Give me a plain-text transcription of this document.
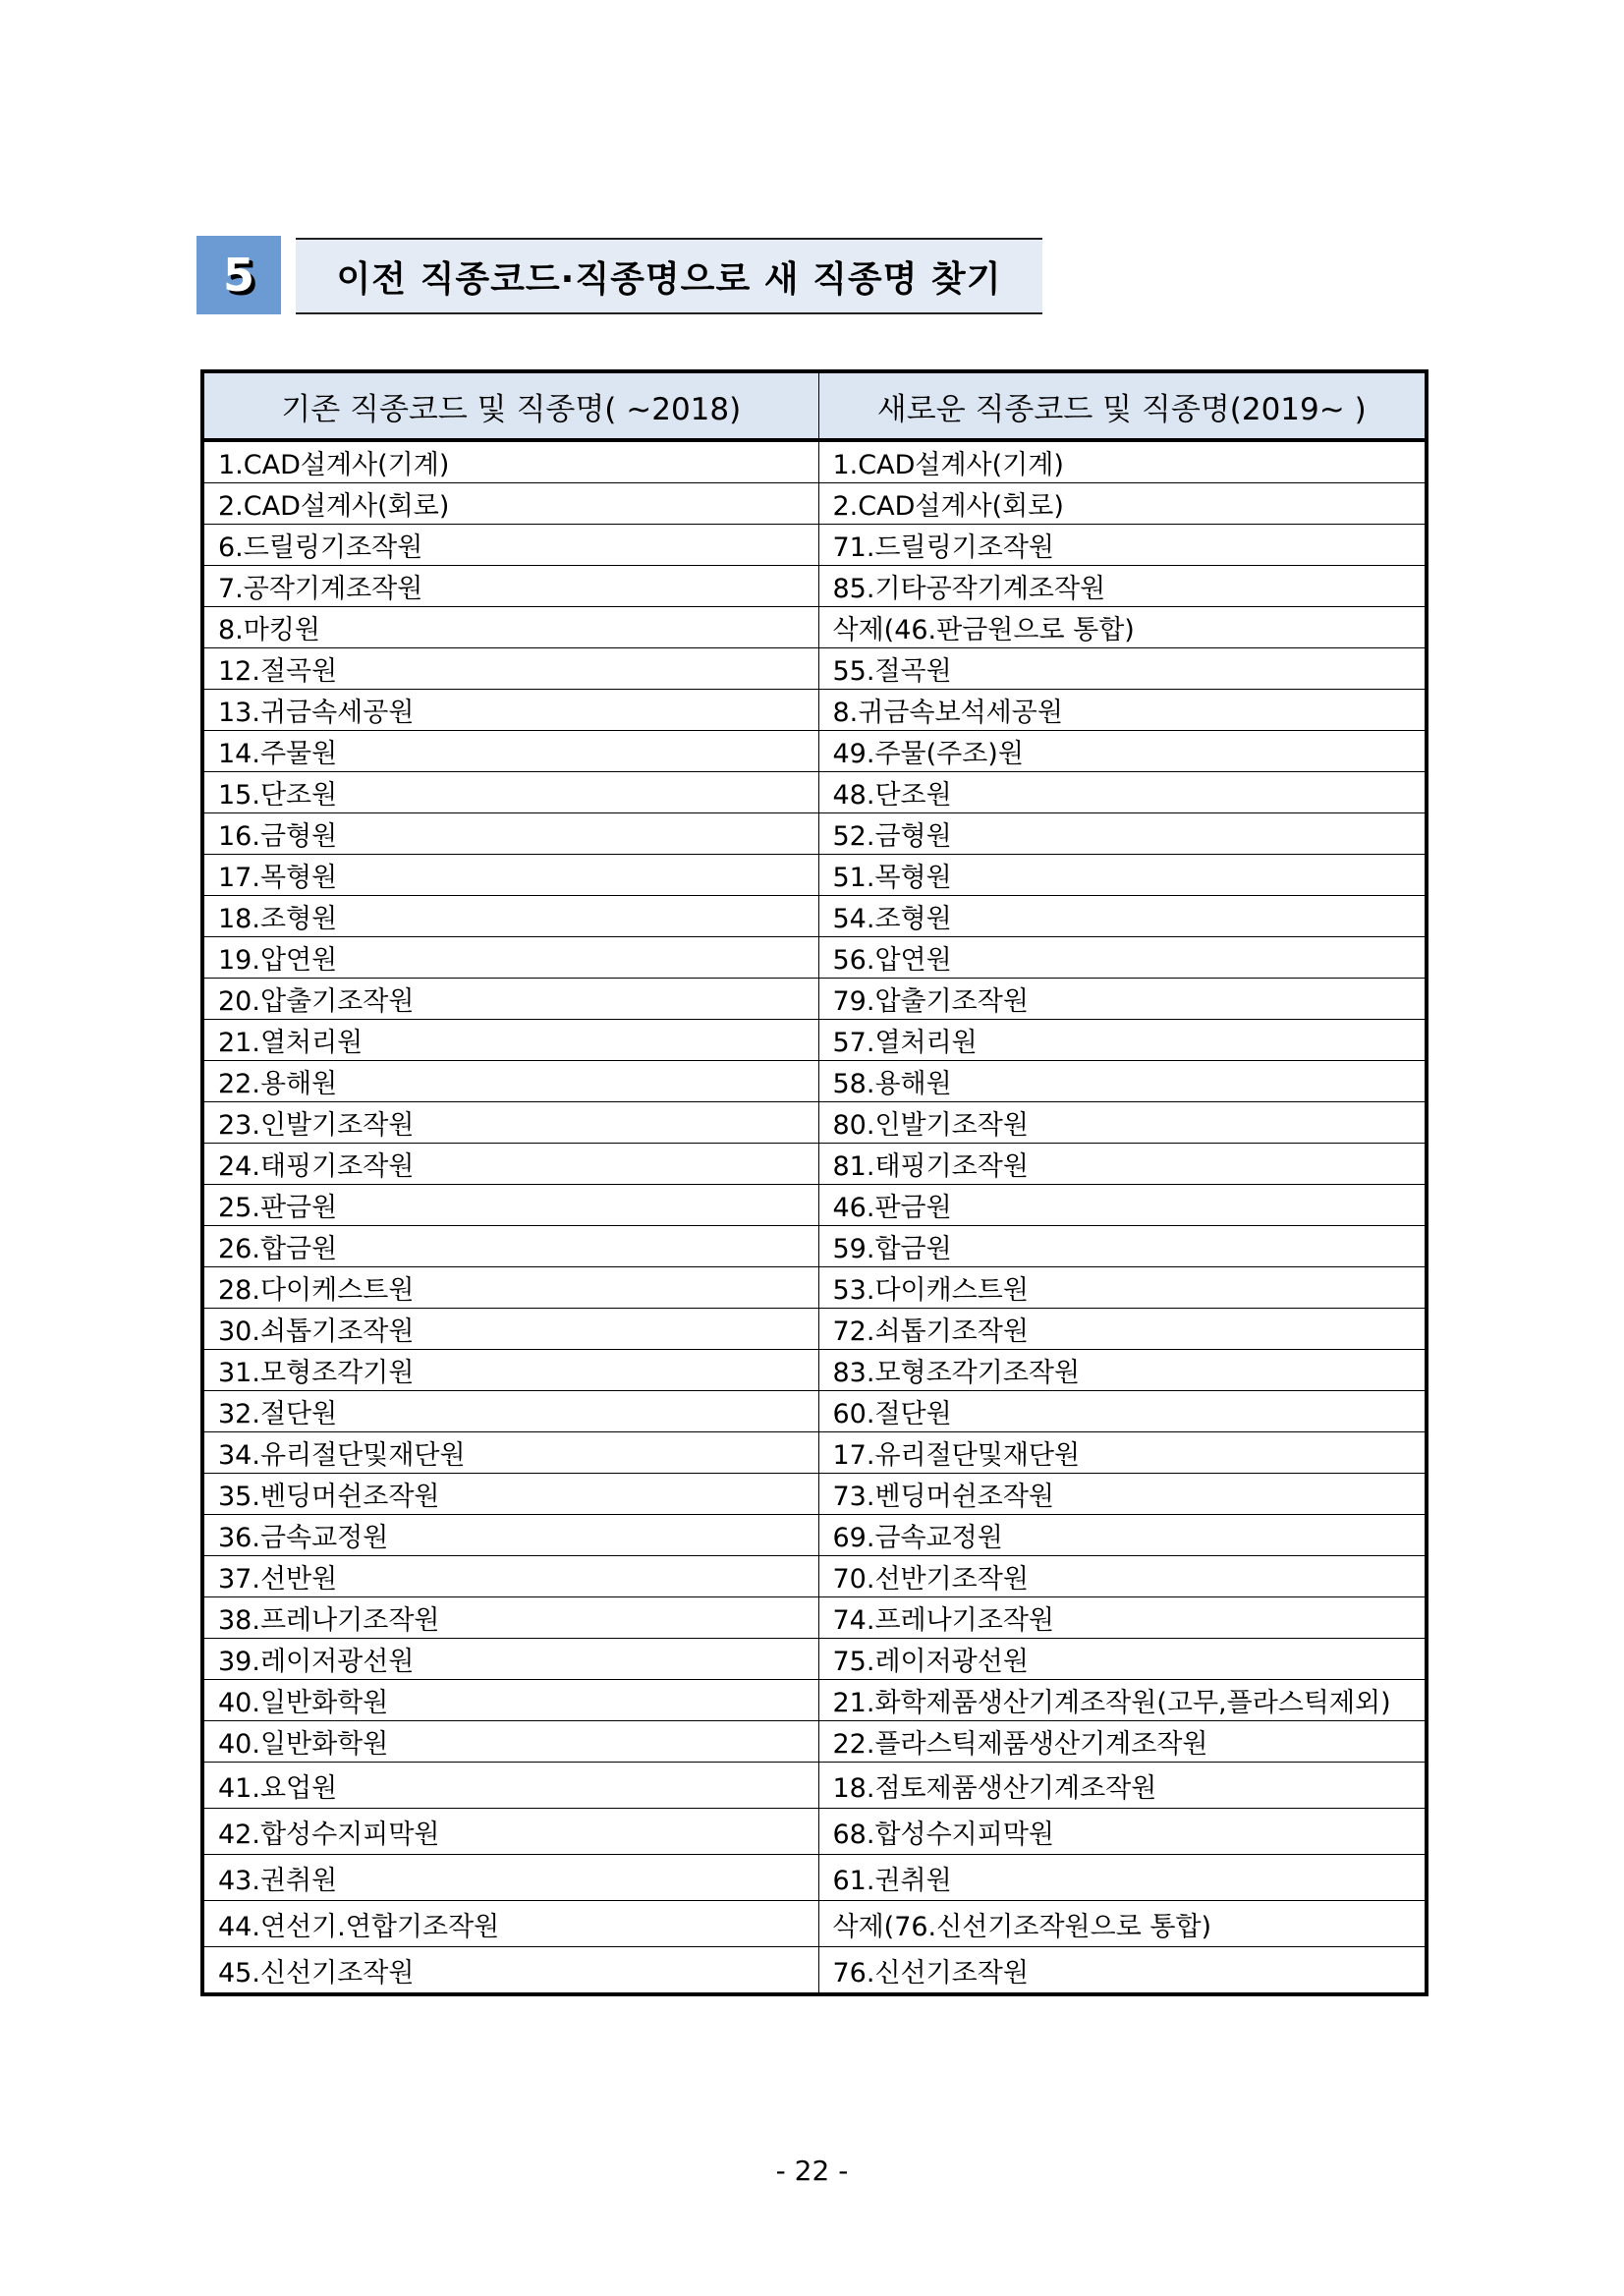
5 이전 직종코드·직종명으로 새 직종명 찾기
기존 직종코드 및 직종명( ~2018)	새로운 직종코드 및 직종명(2019~ )
1.CAD설계사(기계)	1.CAD설계사(기계)
2.CAD설계사(회로)	2.CAD설계사(회로)
6.드릴링기조작원	71.드릴링기조작원
7.공작기계조작원	85.기타공작기계조작원
8.마킹원	삭제(46.판금원으로 통합)
12.절곡원	55.절곡원
13.귀금속세공원	8.귀금속보석세공원
14.주물원	49.주물(주조)원
15.단조원	48.단조원
16.금형원	52.금형원
17.목형원	51.목형원
18.조형원	54.조형원
19.압연원	56.압연원
20.압출기조작원	79.압출기조작원
21.열처리원	57.열처리원
22.용해원	58.용해원
23.인발기조작원	80.인발기조작원
24.태핑기조작원	81.태핑기조작원
25.판금원	46.판금원
26.합금원	59.합금원
28.다이케스트원	53.다이캐스트원
30.쇠톱기조작원	72.쇠톱기조작원
31.모형조각기원	83.모형조각기조작원
32.절단원	60.절단원
34.유리절단및재단원	17.유리절단및재단원
35.벤딩머쉰조작원	73.벤딩머쉰조작원
36.금속교정원	69.금속교정원
37.선반원	70.선반기조작원
38.프레나기조작원	74.프레나기조작원
39.레이저광선원	75.레이저광선원
40.일반화학원	21.화학제품생산기계조작원(고무,플라스틱제외)
40.일반화학원	22.플라스틱제품생산기계조작원
41.요업원	18.점토제품생산기계조작원
42.합성수지피막원	68.합성수지피막원
43.권취원	61.권취원
44.연선기.연합기조작원	삭제(76.신선기조작원으로 통합)
45.신선기조작원	76.신선기조작원
- 22 -
